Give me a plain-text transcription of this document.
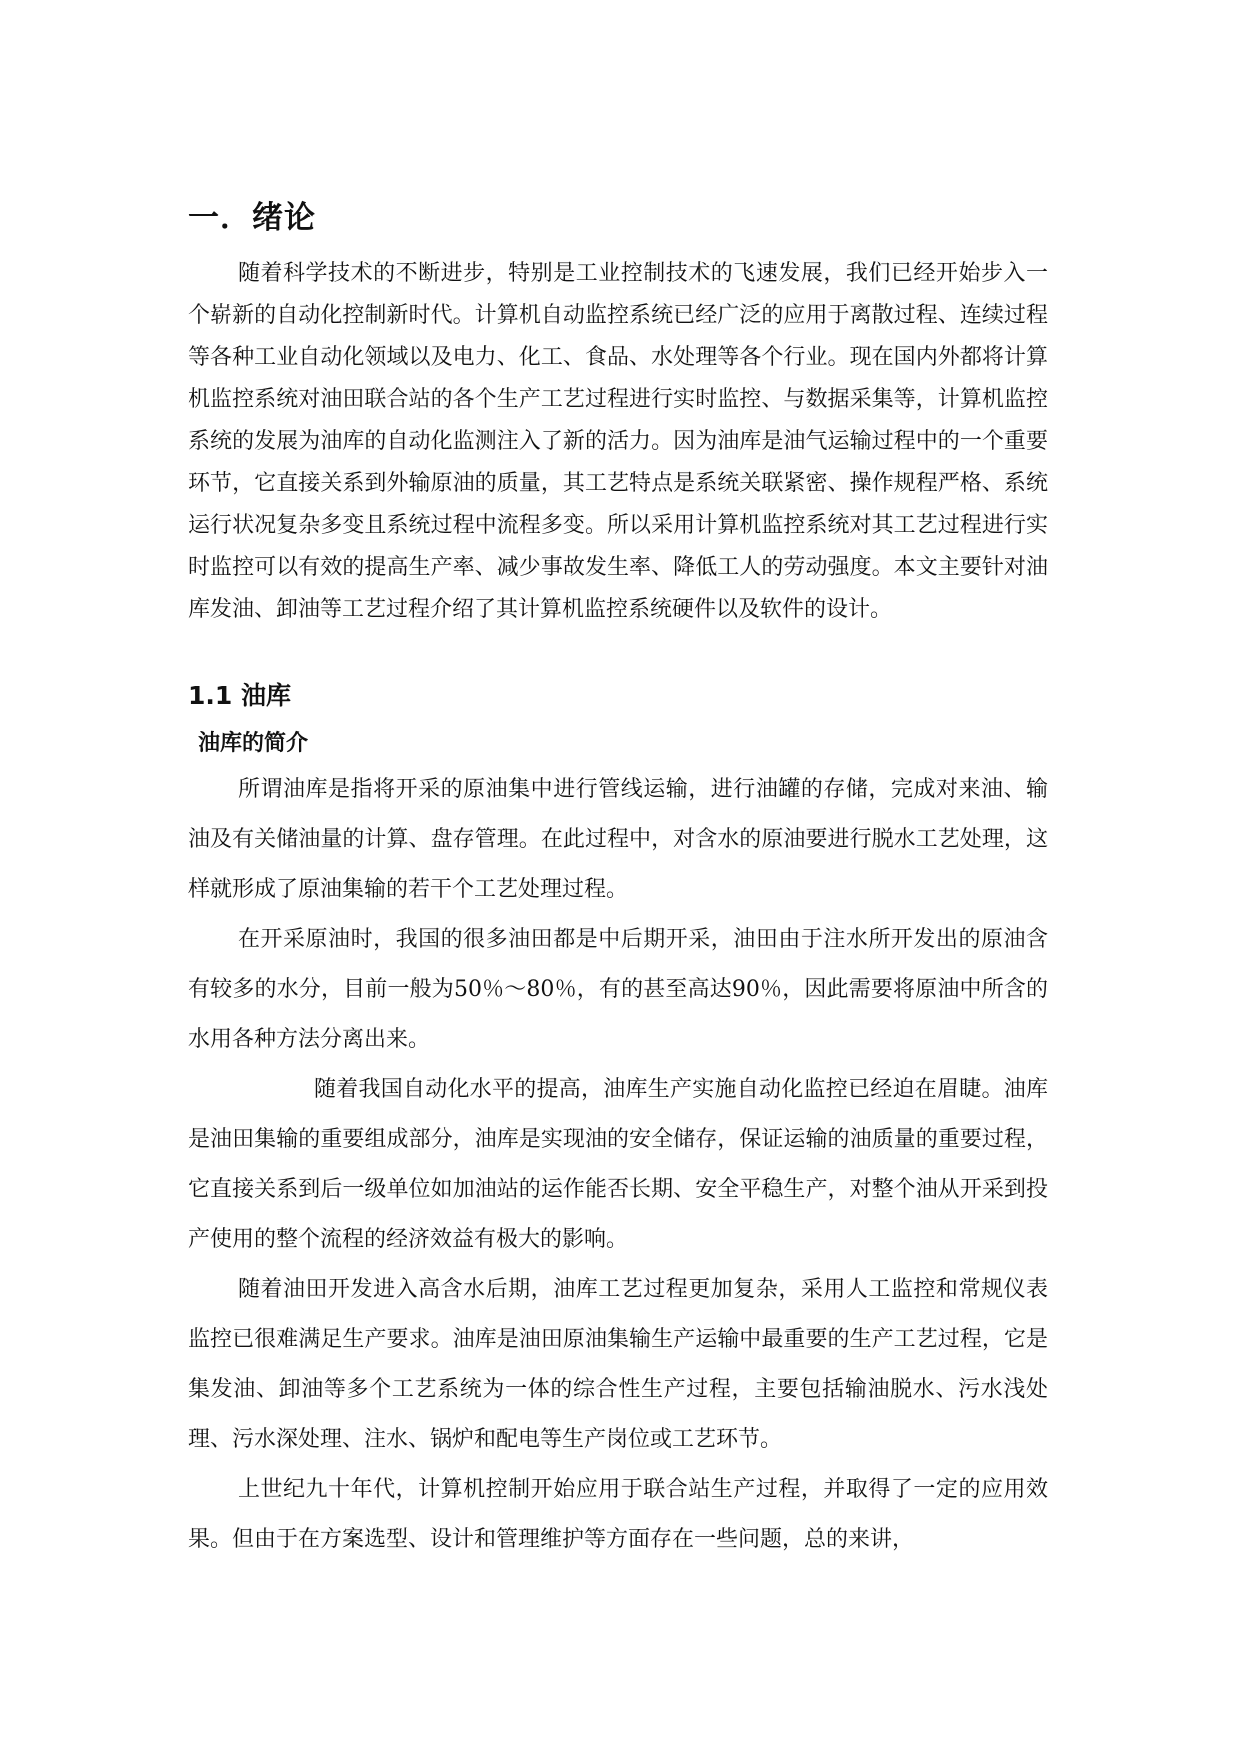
一．绪论

随着科学技术的不断进步，特别是工业控制技术的飞速发展，我们已经开始步入一个崭新的自动化控制新时代。计算机自动监控系统已经广泛的应用于离散过程、连续过程等各种工业自动化领域以及电力、化工、食品、水处理等各个行业。现在国内外都将计算机监控系统对油田联合站的各个生产工艺过程进行实时监控、与数据采集等，计算机监控系统的发展为油库的自动化监测注入了新的活力。因为油库是油气运输过程中的一个重要环节，它直接关系到外输原油的质量，其工艺特点是系统关联紧密、操作规程严格、系统运行状况复杂多变且系统过程中流程多变。所以采用计算机监控系统对其工艺过程进行实时监控可以有效的提高生产率、减少事故发生率、降低工人的劳动强度。本文主要针对油库发油、卸油等工艺过程介绍了其计算机监控系统硬件以及软件的设计。

1.1 油库
油库的简介

所谓油库是指将开采的原油集中进行管线运输，进行油罐的存储，完成对来油、输油及有关储油量的计算、盘存管理。在此过程中，对含水的原油要进行脱水工艺处理，这样就形成了原油集输的若干个工艺处理过程。

在开采原油时，我国的很多油田都是中后期开采，油田由于注水所开发出的原油含有较多的水分，目前一般为50％～80％，有的甚至高达90％，因此需要将原油中所含的水用各种方法分离出来。

随着我国自动化水平的提高，油库生产实施自动化监控已经迫在眉睫。油库是油田集输的重要组成部分，油库是实现油的安全储存，保证运输的油质量的重要过程，它直接关系到后一级单位如加油站的运作能否长期、安全平稳生产，对整个油从开采到投产使用的整个流程的经济效益有极大的影响。

随着油田开发进入高含水后期，油库工艺过程更加复杂，采用人工监控和常规仪表监控已很难满足生产要求。油库是油田原油集输生产运输中最重要的生产工艺过程，它是集发油、卸油等多个工艺系统为一体的综合性生产过程，主要包括输油脱水、污水浅处理、污水深处理、注水、锅炉和配电等生产岗位或工艺环节。

上世纪九十年代，计算机控制开始应用于联合站生产过程，并取得了一定的应用效果。但由于在方案选型、设计和管理维护等方面存在一些问题，总的来讲，
